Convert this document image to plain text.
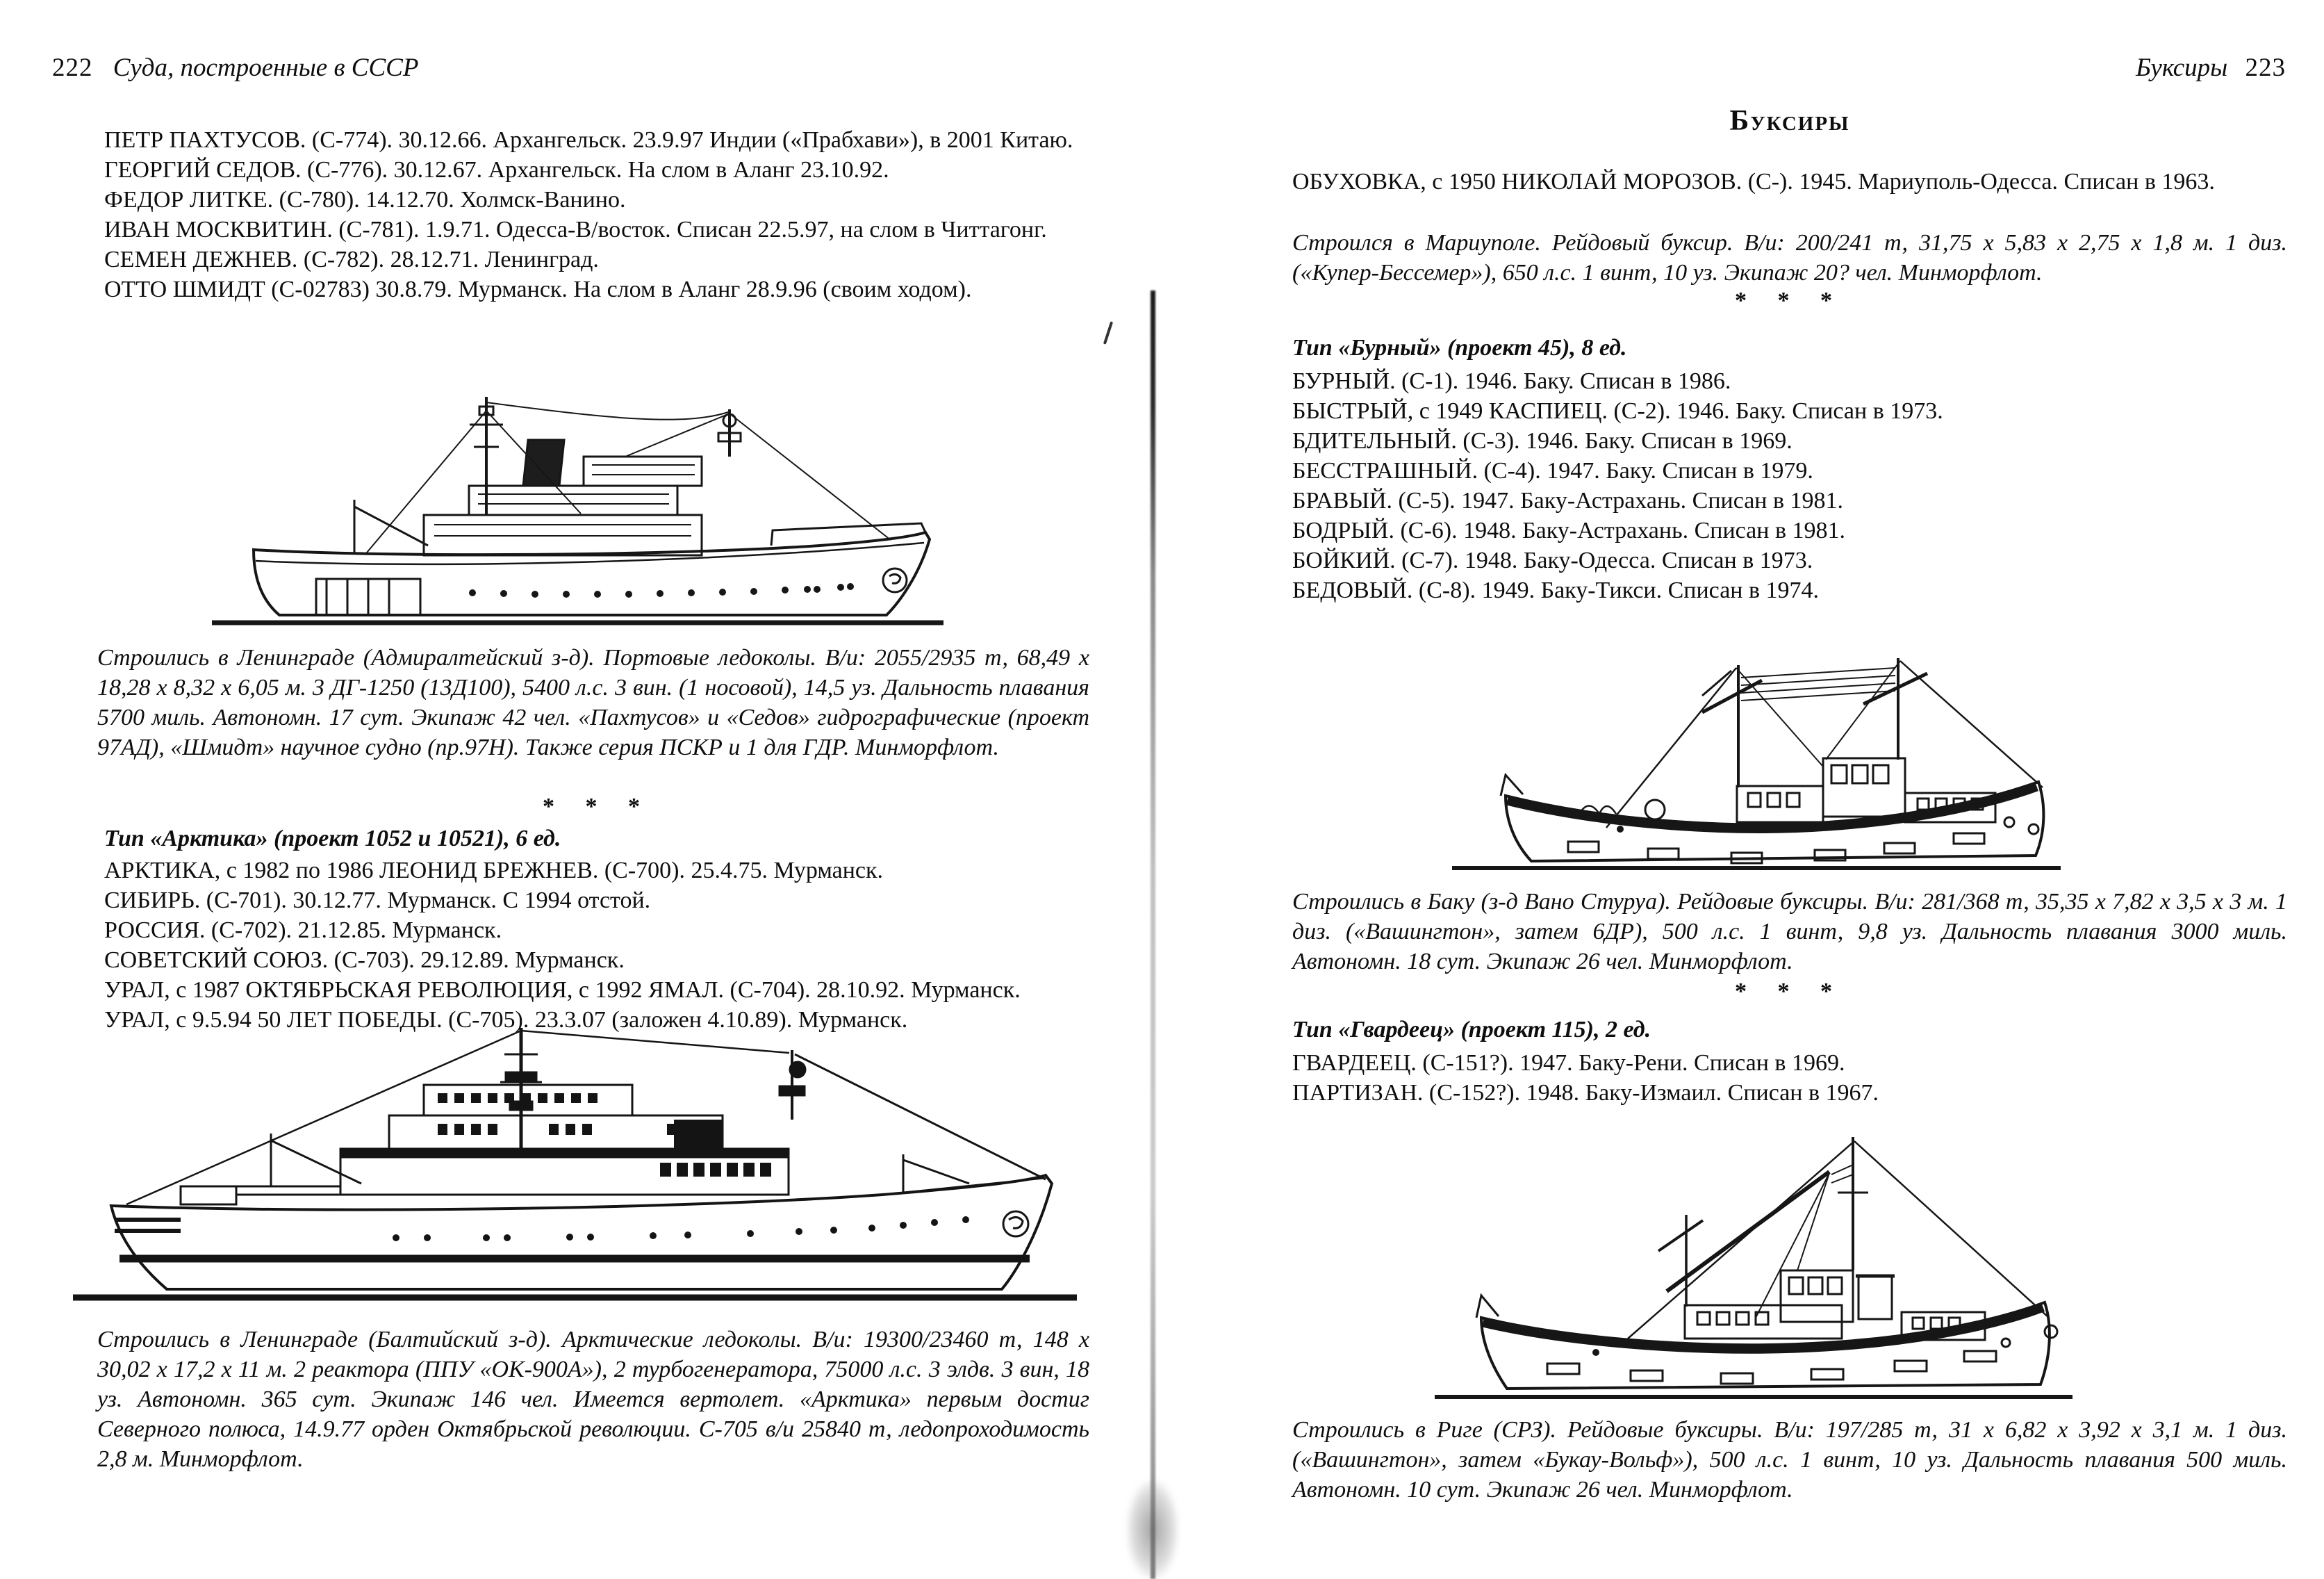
222 Суда, построенные в СССР

ПЕТР ПАХТУСОВ. (С-774). 30.12.66. Архангельск. 23.9.97 Индии («Прабхави»), в 2001 Китаю.

ГЕОРГИЙ СЕДОВ. (С-776). 30.12.67. Архангельск. На слом в Аланг 23.10.92.

ФЕДОР ЛИТКЕ. (С-780). 14.12.70. Холмск-Ванино.

ИВАН МОСКВИТИН. (С-781). 1.9.71. Одесса-В/восток. Списан 22.5.97, на слом в Читтагонг.

СЕМЕН ДЕЖНЕВ. (С-782). 28.12.71. Ленинград.

ОТТО ШМИДТ (С-02783) 30.8.79. Мурманск. На слом в Аланг 28.9.96 (своим ходом).

Строились в Ленинграде (Адмиралтейский з-д). Портовые ледоколы. В/и: 2055/2935 т, 68,49 х 18,28 х 8,32 х 6,05 м. 3 ДГ-1250 (13Д100), 5400 л.с. 3 вин. (1 носовой), 14,5 уз. Дальность плавания 5700 миль. Автономн. 17 сут. Экипаж 42 чел. «Пахтусов» и «Седов» гидрографические (проект 97АД), «Шмидт» научное судно (пр.97Н). Также серия ПСКР и 1 для ГДР. Минморфлот.
* * *
Тип «Арктика» (проект 1052 и 10521), 6 ед.

АРКТИКА, с 1982 по 1986 ЛЕОНИД БРЕЖНЕВ. (С-700). 25.4.75. Мурманск.

СИБИРЬ. (С-701). 30.12.77. Мурманск. С 1994 отстой.

РОССИЯ. (С-702). 21.12.85. Мурманск.

СОВЕТСКИЙ СОЮЗ. (С-703). 29.12.89. Мурманск.

УРАЛ, с 1987 ОКТЯБРЬСКАЯ РЕВОЛЮЦИЯ, с 1992 ЯМАЛ. (С-704). 28.10.92. Мурманск.

УРАЛ, с 9.5.94 50 ЛЕТ ПОБЕДЫ. (С-705). 23.3.07 (заложен 4.10.89). Мурманск.

Строились в Ленинграде (Балтийский з-д). Арктические ледоколы. В/и: 19300/23460 т, 148 х 30,02 х 17,2 х 11 м. 2 реактора (ППУ «ОК-900А»), 2 турбогенератора, 75000 л.с. 3 элдв. 3 вин, 18 уз. Автономн. 365 сут. Экипаж 146 чел. Имеется вертолет. «Арктика» первым достиг Северного полюса, 14.9.77 орден Октябрьской революции. С-705 в/и 25840 т, ледопроходимость 2,8 м. Минморфлот.
Буксиры 223
Буксиры

ОБУХОВКА, с 1950 НИКОЛАЙ МОРОЗОВ. (С-). 1945. Мариуполь-Одесса. Списан в 1963.

Строился в Мариуполе. Рейдовый буксир. В/и: 200/241 т, 31,75 х 5,83 х 2,75 х 1,8 м. 1 диз. («Купер-Бессемер»), 650 л.с. 1 винт, 10 уз. Экипаж 20? чел. Минморфлот.
* * *
Тип «Бурный» (проект 45), 8 ед.

БУРНЫЙ. (С-1). 1946. Баку. Списан в 1986.

БЫСТРЫЙ, с 1949 КАСПИЕЦ. (С-2). 1946. Баку. Списан в 1973.

БДИТЕЛЬНЫЙ. (С-3). 1946. Баку. Списан в 1969.

БЕССТРАШНЫЙ. (С-4). 1947. Баку. Списан в 1979.

БРАВЫЙ. (С-5). 1947. Баку-Астрахань. Списан в 1981.

БОДРЫЙ. (С-6). 1948. Баку-Астрахань. Списан в 1981.

БОЙКИЙ. (С-7). 1948. Баку-Одесса. Списан в 1973.

БЕДОВЫЙ. (С-8). 1949. Баку-Тикси. Списан в 1974.

Строились в Баку (з-д Вано Стуруа). Рейдовые буксиры. В/и: 281/368 т, 35,35 х 7,82 х 3,5 х 3 м. 1 диз. («Вашингтон», затем 6ДР), 500 л.с. 1 винт, 9,8 уз. Дальность плавания 3000 миль. Автономн. 18 сут. Экипаж 26 чел. Минморфлот.
* * *
Тип «Гвардеец» (проект 115), 2 ед.

ГВАРДЕЕЦ. (С-151?). 1947. Баку-Рени. Списан в 1969.

ПАРТИЗАН. (С-152?). 1948. Баку-Измаил. Списан в 1967.

Строились в Риге (СРЗ). Рейдовые буксиры. В/и: 197/285 т, 31 х 6,82 х 3,92 х 3,1 м. 1 диз. («Вашингтон», затем «Букау-Вольф»), 500 л.с. 1 винт, 10 уз. Дальность плавания 500 миль. Автономн. 10 сут. Экипаж 26 чел. Минморфлот.
